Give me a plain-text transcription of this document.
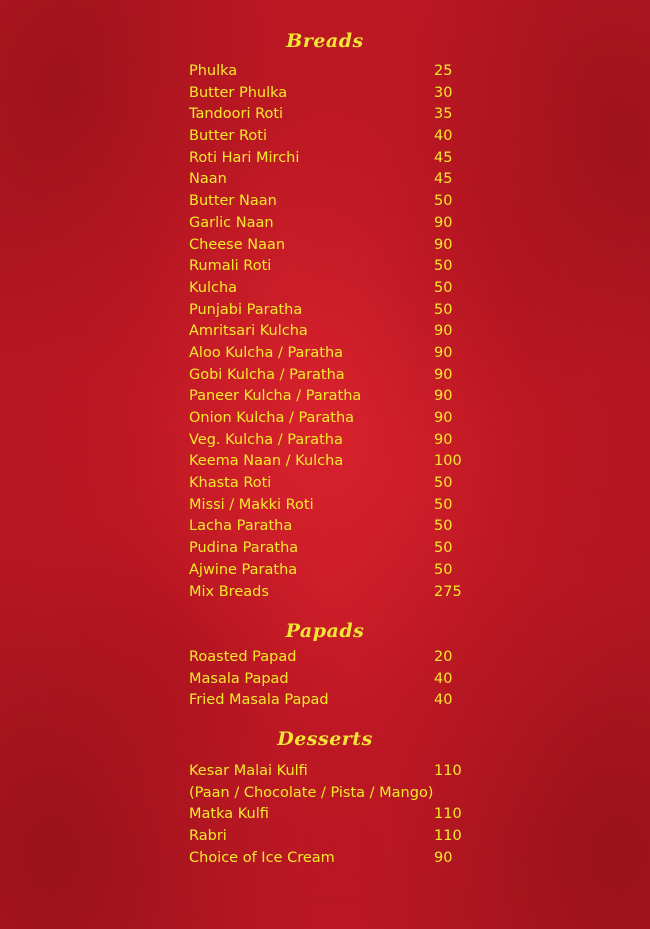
Breads
Phulka	25
Butter Phulka	30
Tandoori Roti	35
Butter Roti	40
Roti Hari Mirchi	45
Naan	45
Butter Naan	50
Garlic Naan	90
Cheese Naan	90
Rumali Roti	50
Kulcha	50
Punjabi Paratha	50
Amritsari Kulcha	90
Aloo Kulcha / Paratha	90
Gobi Kulcha / Paratha	90
Paneer Kulcha / Paratha	90
Onion Kulcha / Paratha	90
Veg. Kulcha / Paratha	90
Keema Naan / Kulcha	100
Khasta Roti	50
Missi / Makki Roti	50
Lacha Paratha	50
Pudina Paratha	50
Ajwine Paratha	50
Mix Breads	275
Papads
Roasted Papad	20
Masala Papad	40
Fried Masala Papad	40
Desserts
Kesar Malai Kulfi	110
(Paan / Chocolate / Pista / Mango)
Matka Kulfi	110
Rabri	110
Choice of Ice Cream	90
